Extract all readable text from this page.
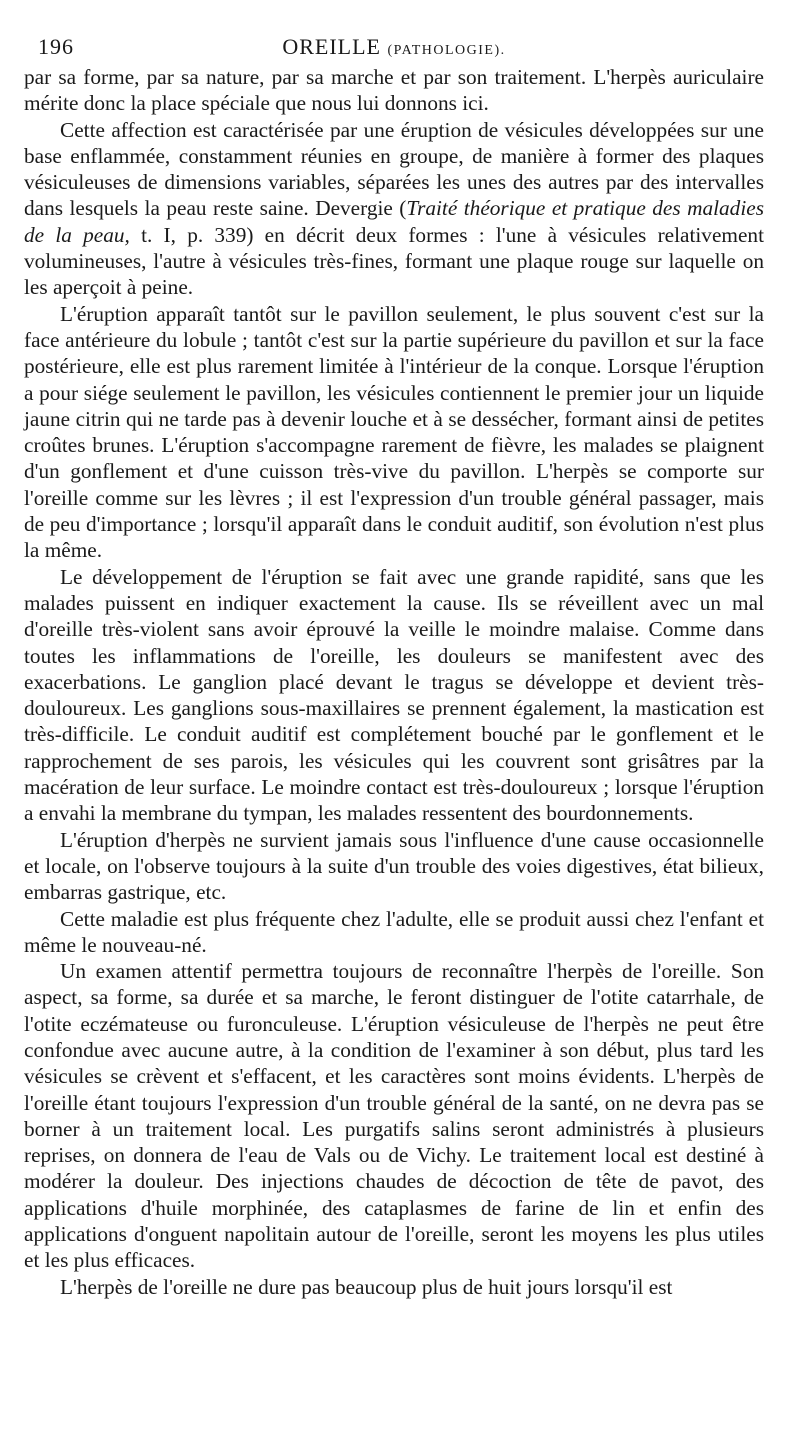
196	OREILLE (PATHOLOGIE).

par sa forme, par sa nature, par sa marche et par son traitement. L'herpès auriculaire mérite donc la place spéciale que nous lui donnons ici.

Cette affection est caractérisée par une éruption de vésicules développées sur une base enflammée, constamment réunies en groupe, de manière à former des plaques vésiculeuses de dimensions variables, séparées les unes des autres par des intervalles dans lesquels la peau reste saine. Devergie (Traité théorique et pratique des maladies de la peau, t. I, p. 339) en décrit deux formes : l'une à vésicules relativement volumineuses, l'autre à vésicules très-fines, formant une plaque rouge sur laquelle on les aperçoit à peine.

L'éruption apparaît tantôt sur le pavillon seulement, le plus souvent c'est sur la face antérieure du lobule ; tantôt c'est sur la partie supérieure du pavillon et sur la face postérieure, elle est plus rarement limitée à l'intérieur de la conque. Lorsque l'éruption a pour siége seulement le pavillon, les vésicules contiennent le premier jour un liquide jaune citrin qui ne tarde pas à devenir louche et à se dessécher, formant ainsi de petites croûtes brunes. L'éruption s'accompagne rarement de fièvre, les malades se plaignent d'un gonflement et d'une cuisson très-vive du pavillon. L'herpès se comporte sur l'oreille comme sur les lèvres ; il est l'expression d'un trouble général passager, mais de peu d'importance ; lorsqu'il apparaît dans le conduit auditif, son évolution n'est plus la même.

Le développement de l'éruption se fait avec une grande rapidité, sans que les malades puissent en indiquer exactement la cause. Ils se réveillent avec un mal d'oreille très-violent sans avoir éprouvé la veille le moindre malaise. Comme dans toutes les inflammations de l'oreille, les douleurs se manifestent avec des exacerbations. Le ganglion placé devant le tragus se développe et devient très-douloureux. Les ganglions sous-maxillaires se prennent également, la mastication est très-difficile. Le conduit auditif est complétement bouché par le gonflement et le rapprochement de ses parois, les vésicules qui les couvrent sont grisâtres par la macération de leur surface. Le moindre contact est très-douloureux ; lorsque l'éruption a envahi la membrane du tympan, les malades ressentent des bourdonnements.

L'éruption d'herpès ne survient jamais sous l'influence d'une cause occasionnelle et locale, on l'observe toujours à la suite d'un trouble des voies digestives, état bilieux, embarras gastrique, etc.

Cette maladie est plus fréquente chez l'adulte, elle se produit aussi chez l'enfant et même le nouveau-né.

Un examen attentif permettra toujours de reconnaître l'herpès de l'oreille. Son aspect, sa forme, sa durée et sa marche, le feront distinguer de l'otite catarrhale, de l'otite eczémateuse ou furonculeuse. L'éruption vésiculeuse de l'herpès ne peut être confondue avec aucune autre, à la condition de l'examiner à son début, plus tard les vésicules se crèvent et s'effacent, et les caractères sont moins évidents. L'herpès de l'oreille étant toujours l'expression d'un trouble général de la santé, on ne devra pas se borner à un traitement local. Les purgatifs salins seront administrés à plusieurs reprises, on donnera de l'eau de Vals ou de Vichy. Le traitement local est destiné à modérer la douleur. Des injections chaudes de décoction de tête de pavot, des applications d'huile morphinée, des cataplasmes de farine de lin et enfin des applications d'onguent napolitain autour de l'oreille, seront les moyens les plus utiles et les plus efficaces.

L'herpès de l'oreille ne dure pas beaucoup plus de huit jours lorsqu'il est
